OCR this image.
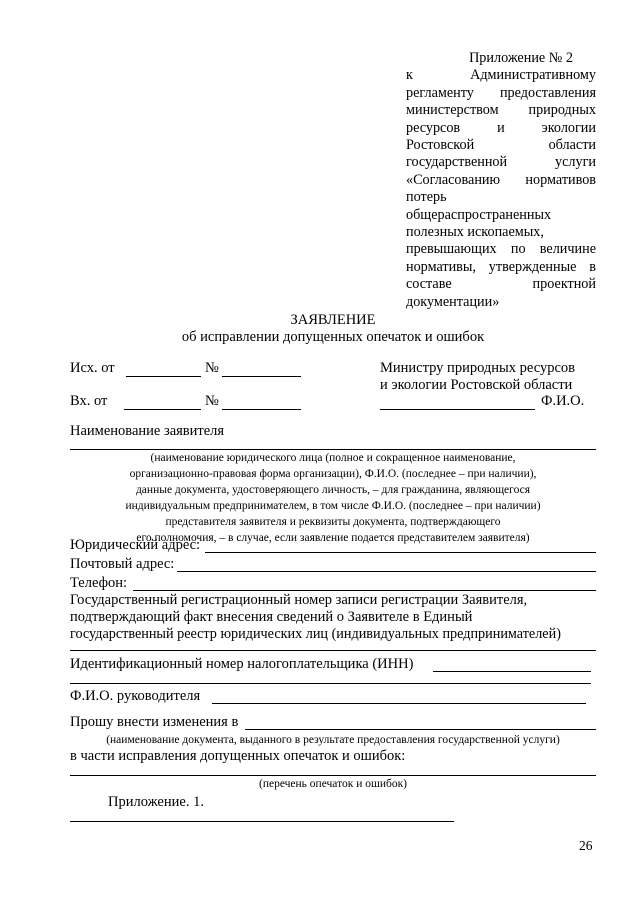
Приложение № 2
к Административному
регламенту предоставления
министерством природных
ресурсов и экологии
Ростовской области
государственной услуги
«Согласованию нормативов
потерь
общераспространенных
полезных ископаемых,
превышающих по величине
нормативы, утвержденные в
составе проектной
документации»
ЗАЯВЛЕНИЕ
об исправлении допущенных опечаток и ошибок
Исх. от	№
Вх. от	№
Министру природных ресурсов
и экологии Ростовской области
Ф.И.О.
Наименование заявителя
(наименование юридического лица (полное и сокращенное наименование,
организационно-правовая форма организации), Ф.И.О. (последнее – при наличии),
данные документа, удостоверяющего личность, – для гражданина, являющегося
индивидуальным предпринимателем, в том числе Ф.И.О. (последнее – при наличии)
представителя заявителя и реквизиты документа, подтверждающего
его полномочия, – в случае, если заявление подается представителем заявителя)
Юридический адрес:
Почтовый адрес:
Телефон:
Государственный регистрационный номер записи регистрации Заявителя,
подтверждающий факт внесения сведений о Заявителе в Единый
государственный реестр юридических лиц (индивидуальных предпринимателей)
Идентификационный номер налогоплательщика (ИНН)
Ф.И.О. руководителя
Прошу внести изменения в
(наименование документа, выданного в результате предоставления государственной услуги)
в части исправления допущенных опечаток и ошибок:
(перечень опечаток и ошибок)
Приложение. 1.
26
